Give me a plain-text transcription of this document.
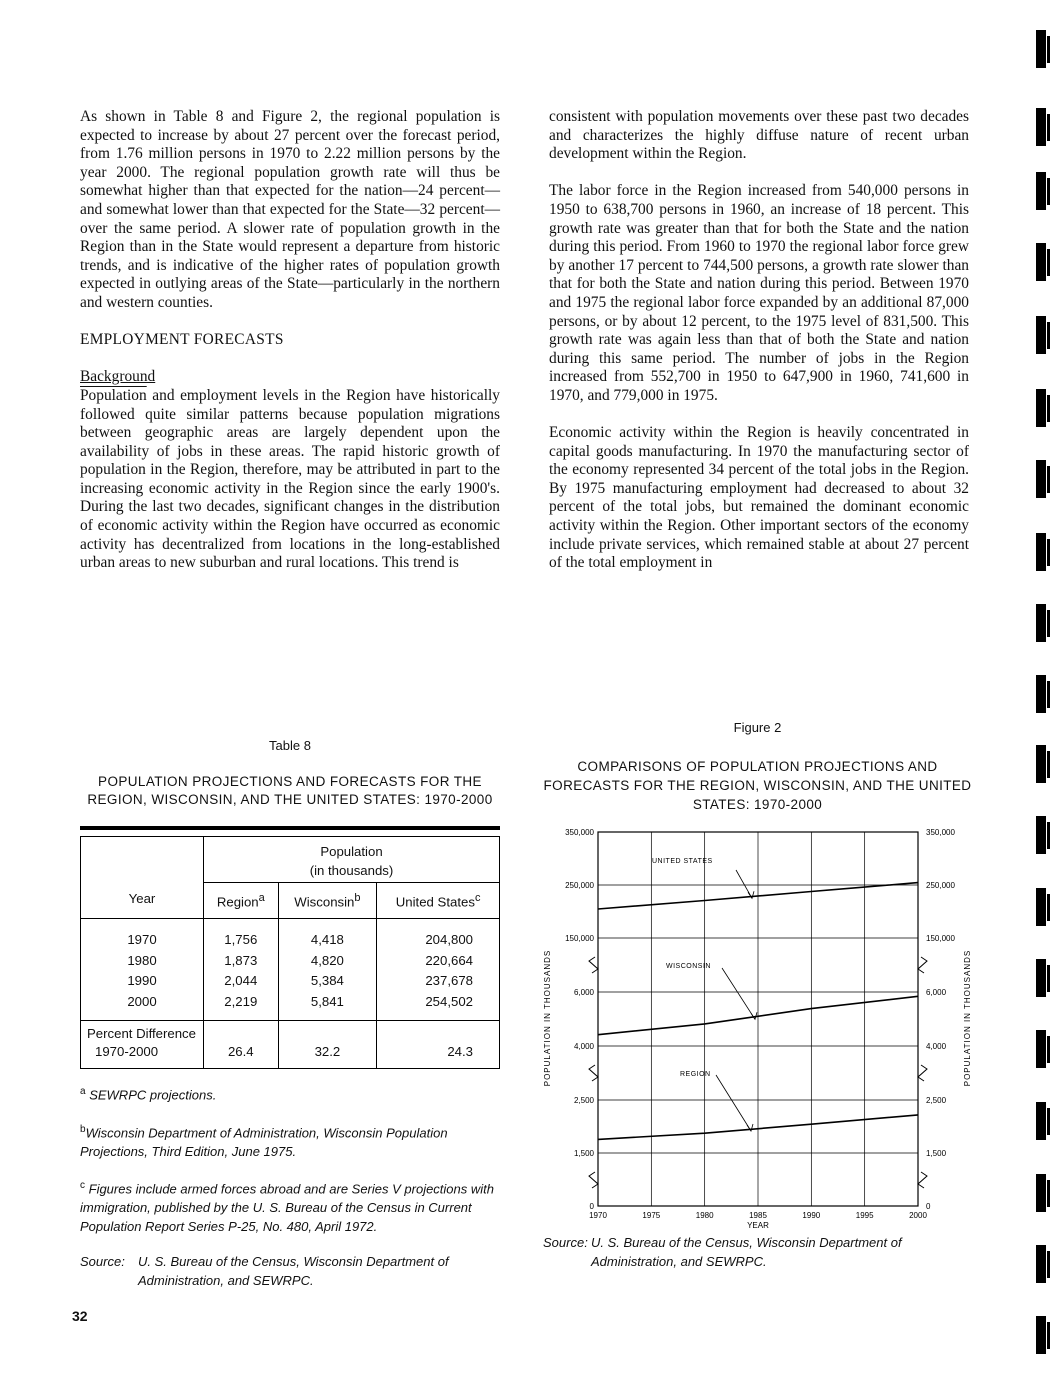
As shown in Table 8 and Figure 2, the regional population is expected to increase by about 27 percent over the forecast period, from 1.76 million persons in 1970 to 2.22 million persons by the year 2000. The regional population growth rate will thus be somewhat higher than that expected for the nation—24 percent—and somewhat lower than that expected for the State—32 percent—over the same period. A slower rate of population growth in the Region than in the State would represent a departure from historic trends, and is indicative of the higher rates of population growth expected in outlying areas of the State—particularly in the northern and western counties.

EMPLOYMENT FORECASTS

Background

Population and employment levels in the Region have historically followed quite similar patterns because population migrations between geographic areas are largely dependent upon the availability of jobs in these areas. The rapid historic growth of population in the Region, therefore, may be attributed in part to the increasing economic activity in the Region since the early 1900's. During the last two decades, significant changes in the distribution of economic activity within the Region have occurred as economic activity has decentralized from locations in the long-established urban areas to new suburban and rural locations. This trend is

consistent with population movements over these past two decades and characterizes the highly diffuse nature of recent urban development within the Region.

The labor force in the Region increased from 540,000 persons in 1950 to 638,700 persons in 1960, an increase of 18 percent. This growth rate was greater than that for both the State and the nation during this period. From 1960 to 1970 the regional labor force grew by another 17 percent to 744,500 persons, a growth rate slower than that for both the State and nation during this period. Between 1970 and 1975 the regional labor force expanded by an additional 87,000 persons, or by about 12 percent, to the 1975 level of 831,500. This growth rate was again less than that of both the State and nation during this same period. The number of jobs in the Region increased from 552,700 in 1950 to 647,900 in 1960, 741,600 in 1970, and 779,000 in 1975.

Economic activity within the Region is heavily concentrated in capital goods manufacturing. In 1970 the manufacturing sector of the economy represented 34 percent of the total jobs in the Region. By 1975 manufacturing employment had decreased to about 32 percent of the total jobs, but remained the dominant economic activity within the Region. Other important sectors of the economy include private services, which remained stable at about 27 percent of the total employment in

Table 8
POPULATION PROJECTIONS AND FORECASTS FOR THE REGION, WISCONSIN, AND THE UNITED STATES: 1970-2000
Year	Population
(in thousands)		

	Region$^a$	Wisconsin$^b$	United States$^c$
1970	1,756	4,418	204,800
1980	1,873	4,820	220,664
1990	2,044	5,384	237,678
2000	2,219	5,841	254,502

Percent Difference
1970-2000	26.4	32.2	24.3

$^a$ SEWRPC projections.

$^b$Wisconsin Department of Administration, Wisconsin Population Projections, Third Edition, June 1975.

$^c$ Figures include armed forces abroad and are Series V projections with immigration, published by the U. S. Bureau of the Census in Current Population Report Series P-25, No. 480, April 1972.

Source:	U. S. Bureau of the Census, Wisconsin Department of Administration, and SEWRPC.
Figure 2
COMPARISONS OF POPULATION PROJECTIONS AND FORECASTS FOR THE REGION, WISCONSIN, AND THE UNITED STATES: 1970-2000
1970	1975	1980	1985	1990	1995	2000
350,000	350,000
250,000	250,000
150,000	150,000
6,000	6,000
4,000	4,000
2,500	2,500
1,500	1,500
0	0
YEAR
POPULATION IN THOUSANDS	POPULATION IN THOUSANDS
UNITED STATES
WISCONSIN
REGION
Source: U. S. Bureau of the Census, Wisconsin Department of Administration, and SEWRPC.
32
